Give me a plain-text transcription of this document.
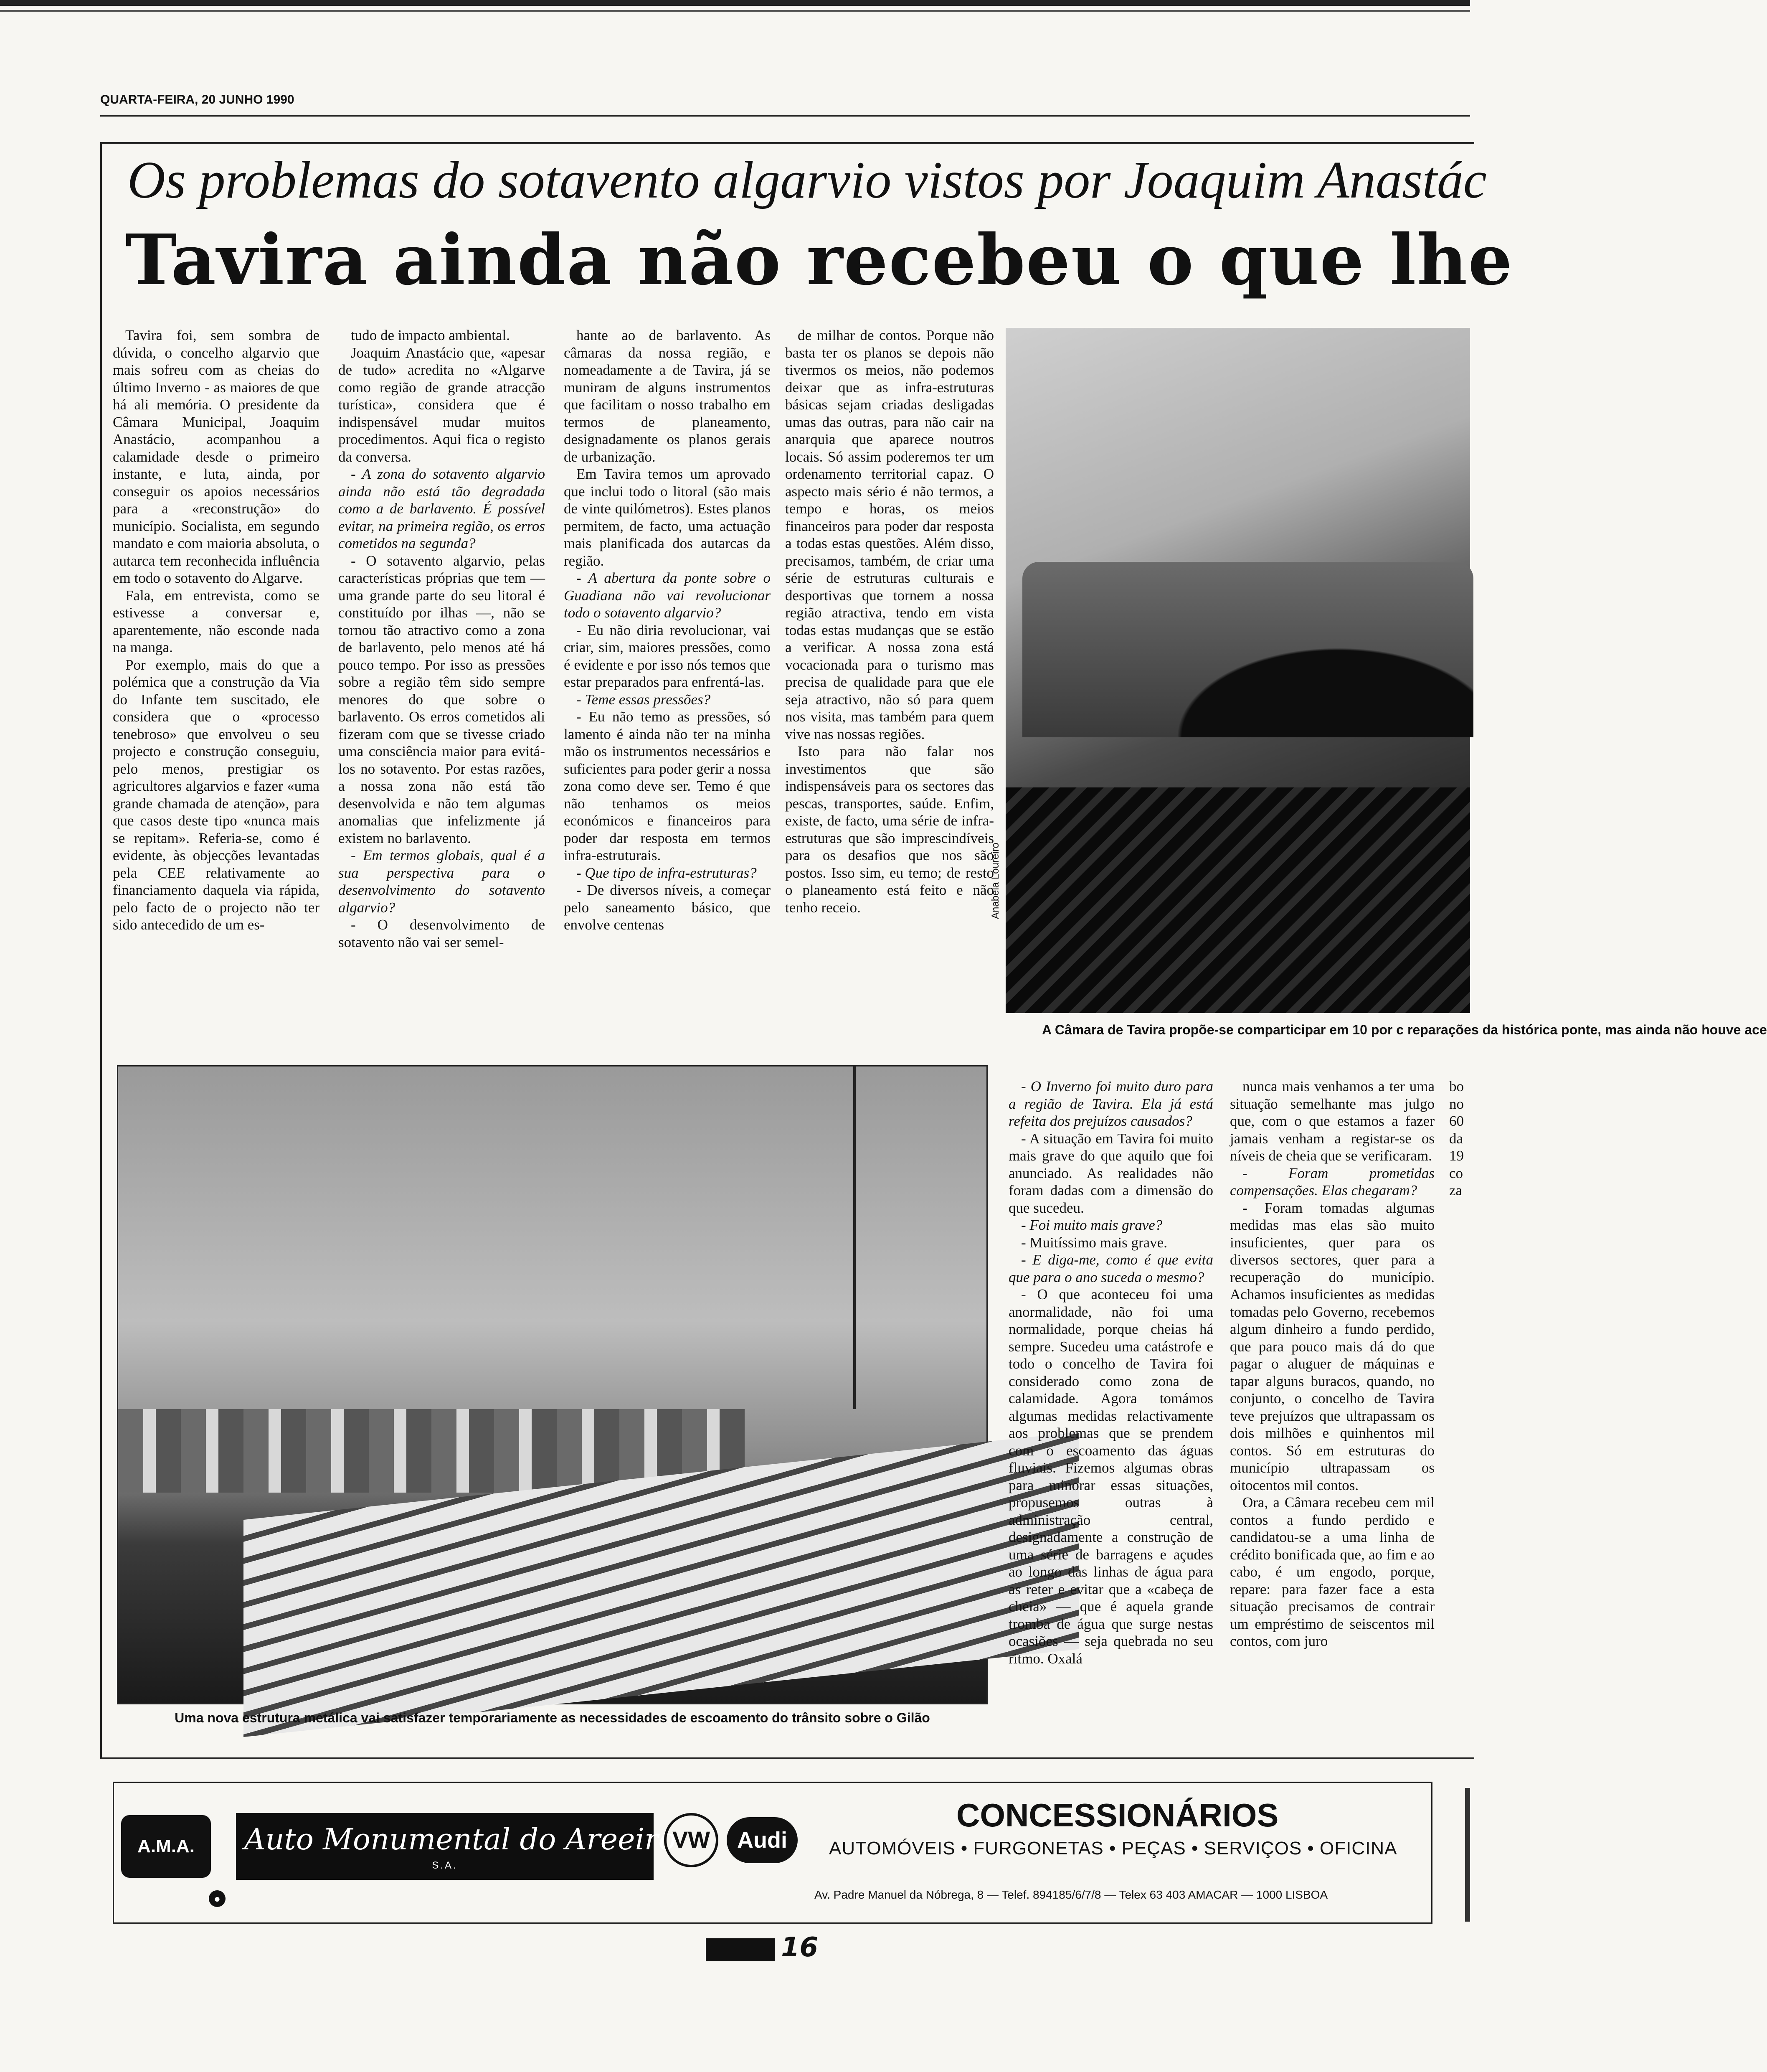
QUARTA-FEIRA, 20 JUNHO 1990
Os problemas do sotavento algarvio vistos por Joaquim Anastác
Tavira ainda não recebeu o que lhe

Tavira foi, sem sombra de dúvida, o concelho algarvio que mais sofreu com as cheias do último Inverno - as maiores de que há ali memória. O presidente da Câmara Municipal, Joaquim Anastácio, acompanhou a calamidade desde o primeiro instante, e luta, ainda, por conseguir os apoios necessários para a «reconstrução» do município. Socialista, em segundo mandato e com maioria absoluta, o autarca tem reconhecida influência em todo o sotavento do Algarve.

Fala, em entrevista, como se estivesse a conversar e, aparentemente, não esconde nada na manga.

Por exemplo, mais do que a polémica que a construção da Via do Infante tem suscitado, ele considera que o «processo tenebroso» que envolveu o seu projecto e construção conseguiu, pelo menos, prestigiar os agricultores algarvios e fazer «uma grande chamada de atenção», para que casos deste tipo «nunca mais se repitam». Referia-se, como é evidente, às objecções levantadas pela CEE relativamente ao financiamento daquela via rápida, pelo facto de o projecto não ter sido antecedido de um es-

tudo de impacto ambiental.

Joaquim Anastácio que, «apesar de tudo» acredita no «Algarve como região de grande atracção turística», considera que é indispensável mudar muitos procedimentos. Aqui fica o registo da conversa.

- A zona do sotavento algarvio ainda não está tão degradada como a de barlavento. É possível evitar, na primeira região, os erros cometidos na segunda?

- O sotavento algarvio, pelas características próprias que tem — uma grande parte do seu litoral é constituído por ilhas —, não se tornou tão atractivo como a zona de barlavento, pelo menos até há pouco tempo. Por isso as pressões sobre a região têm sido sempre menores do que sobre o barlavento. Os erros cometidos ali fizeram com que se tivesse criado uma consciência maior para evitá-los no sotavento. Por estas razões, a nossa zona não está tão desenvolvida e não tem algumas anomalias que infelizmente já existem no barlavento.

- Em termos globais, qual é a sua perspectiva para o desenvolvimento do sotavento algarvio?

- O desenvolvimento de sotavento não vai ser semel-

hante ao de barlavento. As câmaras da nossa região, e nomeadamente a de Tavira, já se muniram de alguns instrumentos que facilitam o nosso trabalho em termos de planeamento, designadamente os planos gerais de urbanização.

Em Tavira temos um aprovado que inclui todo o litoral (são mais de vinte quilómetros). Estes planos permitem, de facto, uma actuação mais planificada dos autarcas da região.

- A abertura da ponte sobre o Guadiana não vai revolucionar todo o sotavento algarvio?

- Eu não diria revolucionar, vai criar, sim, maiores pressões, como é evidente e por isso nós temos que estar preparados para enfrentá-las.

- Teme essas pressões?

- Eu não temo as pressões, só lamento é ainda não ter na minha mão os instrumentos necessários e suficientes para poder gerir a nossa zona como deve ser. Temo é que não tenhamos os meios económicos e financeiros para poder dar resposta em termos infra-estruturais.

- Que tipo de infra-estruturas?

- De diversos níveis, a começar pelo saneamento básico, que envolve centenas

de milhar de contos. Porque não basta ter os planos se depois não tivermos os meios, não podemos deixar que as infra-estruturas básicas sejam criadas desligadas umas das outras, para não cair na anarquia que aparece noutros locais. Só assim poderemos ter um ordenamento territorial capaz. O aspecto mais sério é não termos, a tempo e horas, os meios financeiros para poder dar resposta a todas estas questões. Além disso, precisamos, também, de criar uma série de estruturas culturais e desportivas que tornem a nossa região atractiva, tendo em vista todas estas mudanças que se estão a verificar. A nossa zona está vocacionada para o turismo mas precisa de qualidade para que ele seja atractivo, não só para quem nos visita, mas também para quem vive nas nossas regiões.

Isto para não falar nos investimentos que são indispensáveis para os sectores das pescas, transportes, saúde. Enfim, existe, de facto, uma série de infra-estruturas que são imprescindíveis para os desafios que nos são postos. Isso sim, eu temo; de resto o planeamento está feito e não tenho receio.	Anabela Loureiro
A Câmara de Tavira propõe-se comparticipar em 10 por c reparações da histórica ponte, mas ainda não houve ace
Uma nova estrutura metálica vai satisfazer temporariamente as necessidades de escoamento do trânsito sobre o Gilão

- O Inverno foi muito duro para a região de Tavira. Ela já está refeita dos prejuízos causados?

- A situação em Tavira foi muito mais grave do que aquilo que foi anunciado. As realidades não foram dadas com a dimensão do que sucedeu.

- Foi muito mais grave?

- Muitíssimo mais grave.

- E diga-me, como é que evita que para o ano suceda o mesmo?

- O que aconteceu foi uma anormalidade, não foi uma normalidade, porque cheias há sempre. Sucedeu uma catástrofe e todo o concelho de Tavira foi considerado como zona de calamidade. Agora tomámos algumas medidas relactivamente aos problemas que se prendem com o escoamento das águas fluviais. Fizemos algumas obras para minorar essas situações, propusemos outras à administração central, designadamente a construção de uma série de barragens e açudes ao longo das linhas de água para as reter e evitar que a «cabeça de cheia» — que é aquela grande tromba de água que surge nestas ocasiões — seja quebrada no seu ritmo. Oxalá

nunca mais venhamos a ter uma situação semelhante mas julgo que, com o que estamos a fazer jamais venham a registar-se os níveis de cheia que se verificaram.

- Foram prometidas compensações. Elas chegaram?

- Foram tomadas algumas medidas mas elas são muito insuficientes, quer para os diversos sectores, quer para a recuperação do município. Achamos insuficientes as medidas tomadas pelo Governo, recebemos algum dinheiro a fundo perdido, que para pouco mais dá do que pagar o aluguer de máquinas e tapar alguns buracos, quando, no conjunto, o concelho de Tavira teve prejuízos que ultrapassam os dois milhões e quinhentos mil contos. Só em estruturas do município ultrapassam os oitocentos mil contos.

Ora, a Câmara recebeu cem mil contos a fundo perdido e candidatou-se a uma linha de crédito bonificada que, ao fim e ao cabo, é um engodo, porque, repare: para fazer face a esta situação precisamos de contrair um empréstimo de seiscentos mil contos, com juro

bo no 60 da 19 co za

A.M.A.	Auto Monumental do Areeiro
S.A.
VW	Audi
CONCESSIONÁRIOS
AUTOMÓVEIS • FURGONETAS • PEÇAS • SERVIÇOS • OFICINA
Av. Padre Manuel da Nóbrega, 8 — Telef. 894185/6/7/8 — Telex 63 403 AMACAR — 1000 LISBOA
●
16
